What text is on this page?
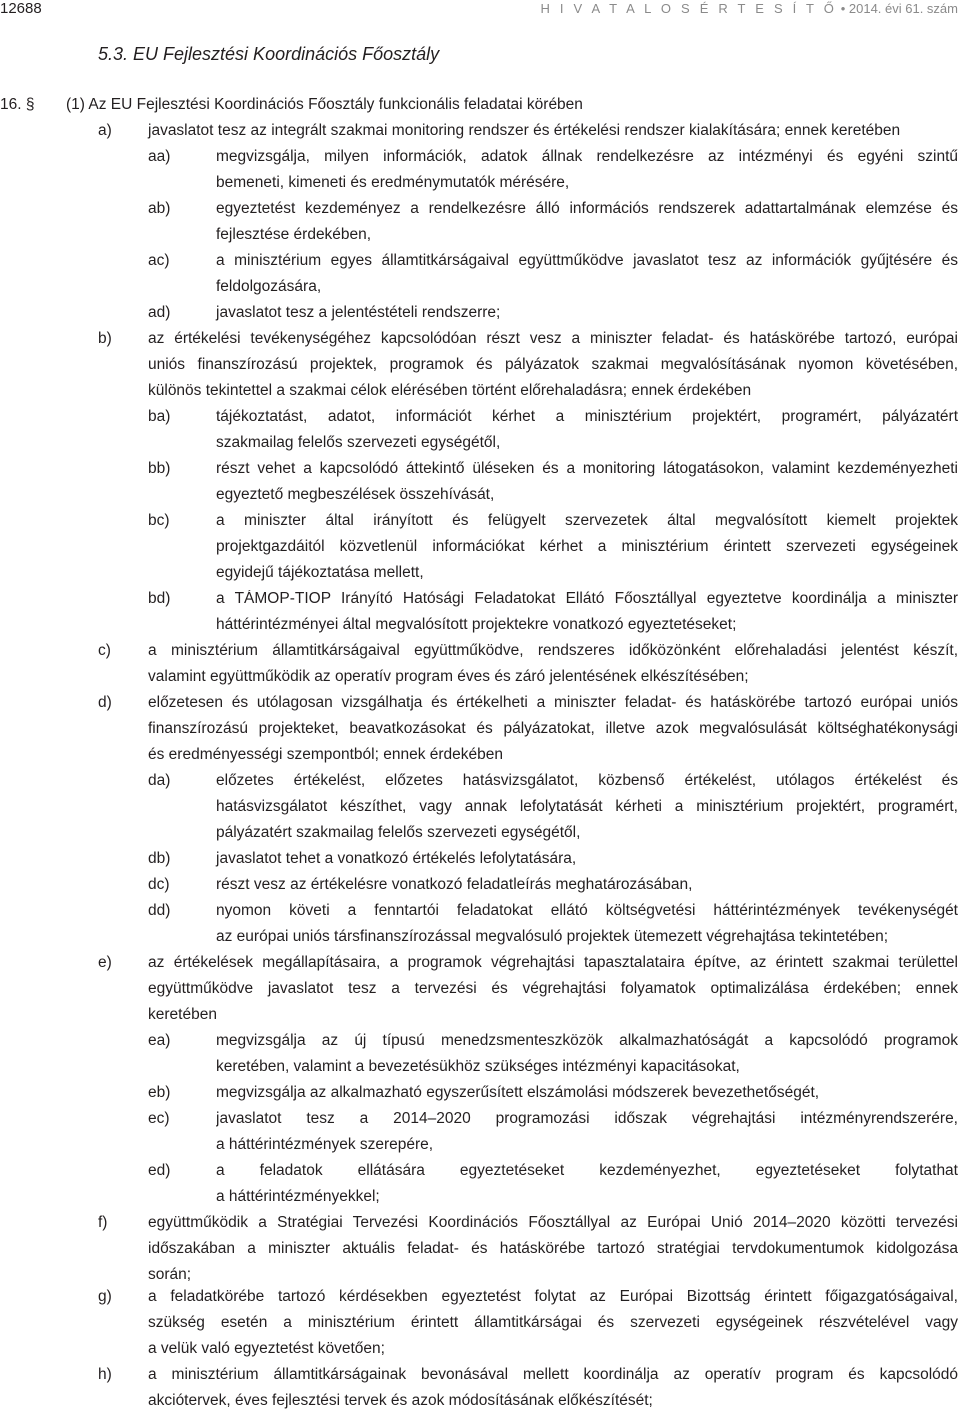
12688	H I V A T A L O S É R T E S Í T Ő • 2014. évi 61. szám
5.3. EU Fejlesztési Koordinációs Főosztály
16. § (1) Az EU Fejlesztési Koordinációs Főosztály funkcionális feladatai körében
a) javaslatot tesz az integrált szakmai monitoring rendszer és értékelési rendszer kialakítására; ennek keretében
aa)	megvizsgálja, milyen információk, adatok állnak rendelkezésre az intézményi és egyéni szintű
bemeneti, kimeneti és eredménymutatók mérésére,
ab)	egyeztetést kezdeményez a rendelkezésre álló információs rendszerek adattartalmának elemzése és
fejlesztése érdekében,
ac)	a minisztérium egyes államtitkárságaival együttműködve javaslatot tesz az információk gyűjtésére és
feldolgozására,
ad)	javaslatot tesz a jelentéstételi rendszerre;
b) az értékelési tevékenységéhez kapcsolódóan részt vesz a miniszter feladat- és hatáskörébe tartozó, európai
uniós finanszírozású projektek, programok és pályázatok szakmai megvalósításának nyomon követésében,
különös tekintettel a szakmai célok elérésében történt előrehaladásra; ennek érdekében
ba)	tájékoztatást, adatot, információt kérhet a minisztérium projektért, programért, pályázatért
szakmailag felelős szervezeti egységétől,
bb)	részt vehet a kapcsolódó áttekintő üléseken és a monitoring látogatásokon, valamint kezdeményezheti
egyeztető megbeszélések összehívását,
bc)	a miniszter által irányított és felügyelt szervezetek által megvalósított kiemelt projektek
projektgazdáitól közvetlenül információkat kérhet a minisztérium érintett szervezeti egységeinek
egyidejű tájékoztatása mellett,
bd)	a TÁMOP-TIOP Irányító Hatósági Feladatokat Ellátó Főosztállyal egyeztetve koordinálja a miniszter
háttérintézményei által megvalósított projektekre vonatkozó egyeztetéseket;
c) a minisztérium államtitkárságaival együttműködve, rendszeres időközönként előrehaladási jelentést készít,
valamint együttműködik az operatív program éves és záró jelentésének elkészítésében;
d) előzetesen és utólagosan vizsgálhatja és értékelheti a miniszter feladat- és hatáskörébe tartozó európai uniós
finanszírozású projekteket, beavatkozásokat és pályázatokat, illetve azok megvalósulását költséghatékonysági
és eredményességi szempontból; ennek érdekében
da)	előzetes értékelést, előzetes hatásvizsgálatot, közbenső értékelést, utólagos értékelést és
hatásvizsgálatot készíthet, vagy annak lefolytatását kérheti a minisztérium projektért, programért,
pályázatért szakmailag felelős szervezeti egységétől,
db)	javaslatot tehet a vonatkozó értékelés lefolytatására,
dc)	részt vesz az értékelésre vonatkozó feladatleírás meghatározásában,
dd)	nyomon követi a fenntartói feladatokat ellátó költségvetési háttérintézmények tevékenységét
az európai uniós társfinanszírozással megvalósuló projektek ütemezett végrehajtása tekintetében;
e) az értékelések megállapításaira, a programok végrehajtási tapasztalataira építve, az érintett szakmai területtel
együttműködve javaslatot tesz a tervezési és végrehajtási folyamatok optimalizálása érdekében; ennek
keretében
ea)	megvizsgálja az új típusú menedzsmenteszközök alkalmazhatóságát a kapcsolódó programok
keretében, valamint a bevezetésükhöz szükséges intézményi kapacitásokat,
eb)	megvizsgálja az alkalmazható egyszerűsített elszámolási módszerek bevezethetőségét,
ec)	javaslatot tesz a 2014–2020 programozási időszak végrehajtási intézményrendszerére,
a háttérintézmények szerepére,
ed)	a feladatok ellátására egyeztetéseket kezdeményezhet, egyeztetéseket folytathat
a háttérintézményekkel;
f)	együttműködik a Stratégiai Tervezési Koordinációs Főosztállyal az Európai Unió 2014–2020 közötti tervezési
időszakában a miniszter aktuális feladat- és hatáskörébe tartozó stratégiai tervdokumentumok kidolgozása
során;
g) a feladatkörébe tartozó kérdésekben egyeztetést folytat az Európai Bizottság érintett főigazgatóságaival,
szükség esetén a minisztérium érintett államtitkárságai és szervezeti egységeinek részvételével vagy
a velük való egyeztetést követően;
h) a minisztérium államtitkárságainak bevonásával mellett koordinálja az operatív program és kapcsolódó
akciótervek, éves fejlesztési tervek és azok módosításának előkészítését;
